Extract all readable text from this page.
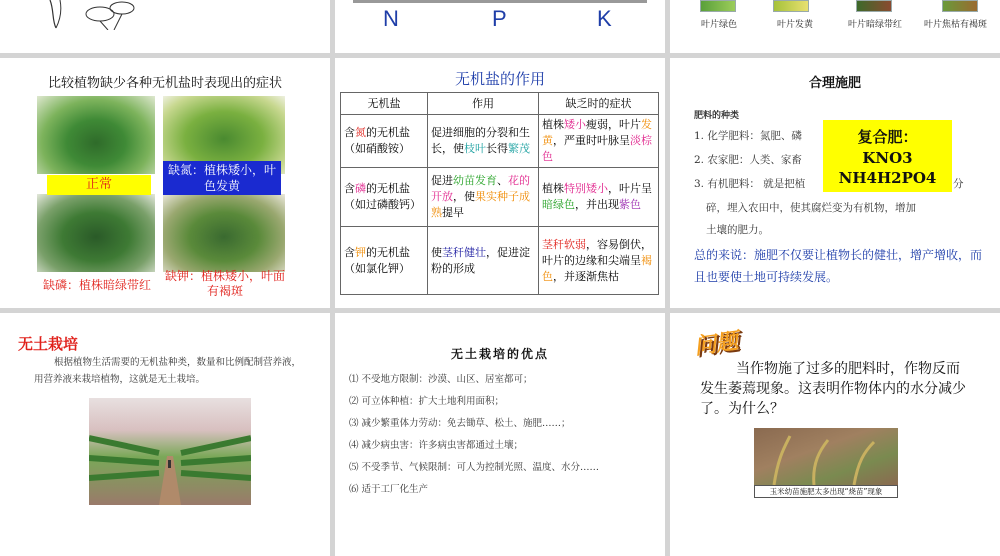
N	P	K	叶片绿色	叶片发黄	叶片暗绿带红 叶片焦枯有褐斑
比较植物缺少各种无机盐时表现出的症状
正常
缺氮：植株矮小，叶色发黄
缺磷：植株暗绿带红
缺钾：植株矮小，叶面有褐斑
无机盐的作用
无机盐	作用	缺乏时的症状
含氮的无机盐（如硝酸铵）	促进细胞的分裂和生长，使枝叶长得繁茂	植株矮小瘦弱，叶片发黄，严重时叶脉呈淡棕色
含磷的无机盐（如过磷酸钙）	促进幼苗发育、花的开放，使果实种子成熟提早	植株特别矮小，叶片呈暗绿色，并出现紫色
含钾的无机盐（如氯化钾）	使茎秆健壮，促进淀粉的形成	茎秆软弱，容易倒伏，叶片的边缘和尖端呈褐色，并逐渐焦枯
合理施肥
肥料的种类
1. 化学肥料：氮肥、磷
2. 农家肥：人类、家畜
3. 有机肥料： 就是把植	分
碎，埋入农田中，使其腐烂变为有机物，增加
土壤的肥力。
复合肥：
KNO3
NH4H2PO4
总的来说：施肥不仅要让植物长的健壮，增产增收，而且也要使土地可持续发展。
无土栽培
根据植物生活需要的无机盐种类，数量和比例配制营养液，用营养液来栽培植物，这就是无土栽培。
无土栽培的优点
⑴ 不受地方限制：沙漠、山区、居室都可；
⑵ 可立体种植：扩大土地利用面积；
⑶ 减少繁重体力劳动：免去锄草、松土、施肥……；
⑷ 减少病虫害：许多病虫害都通过土壤；
⑸ 不受季节、气候限制：可人为控制光照、温度、水分……
⑹ 适于工厂化生产
问题
当作物施了过多的肥料时，作物反而发生萎蔫现象。这表明作物体内的水分减少了。为什么？
玉米幼苗施肥太多出现“烧苗”现象
